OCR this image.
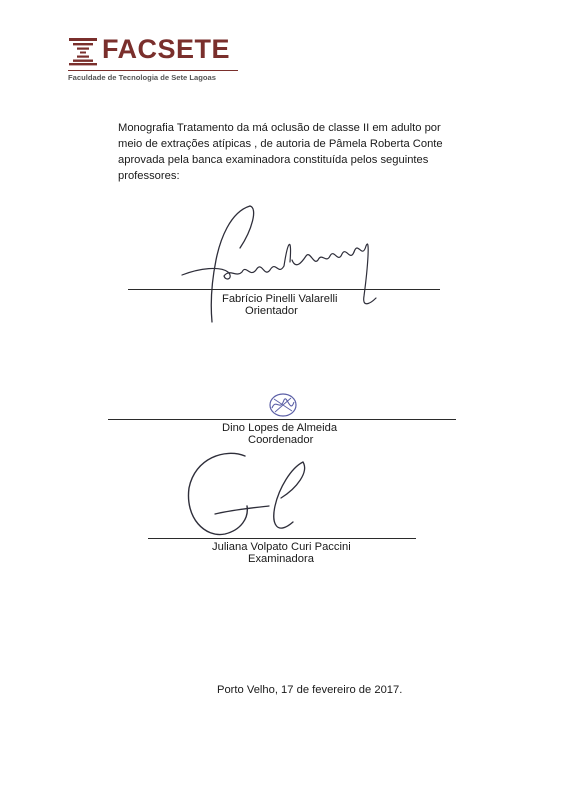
FACSETE
Faculdade de Tecnologia de Sete Lagoas

Monografia Tratamento da má oclusão de classe II em adulto por meio de extrações atípicas , de autoria de Pâmela Roberta Conte aprovada pela banca examinadora constituída pelos seguintes professores:

Fabrício Pinelli Valarelli
Orientador
Dino Lopes de Almeida
Coordenador
Juliana Volpato Curi Paccini
Examinadora
Porto Velho, 17 de fevereiro de 2017.
